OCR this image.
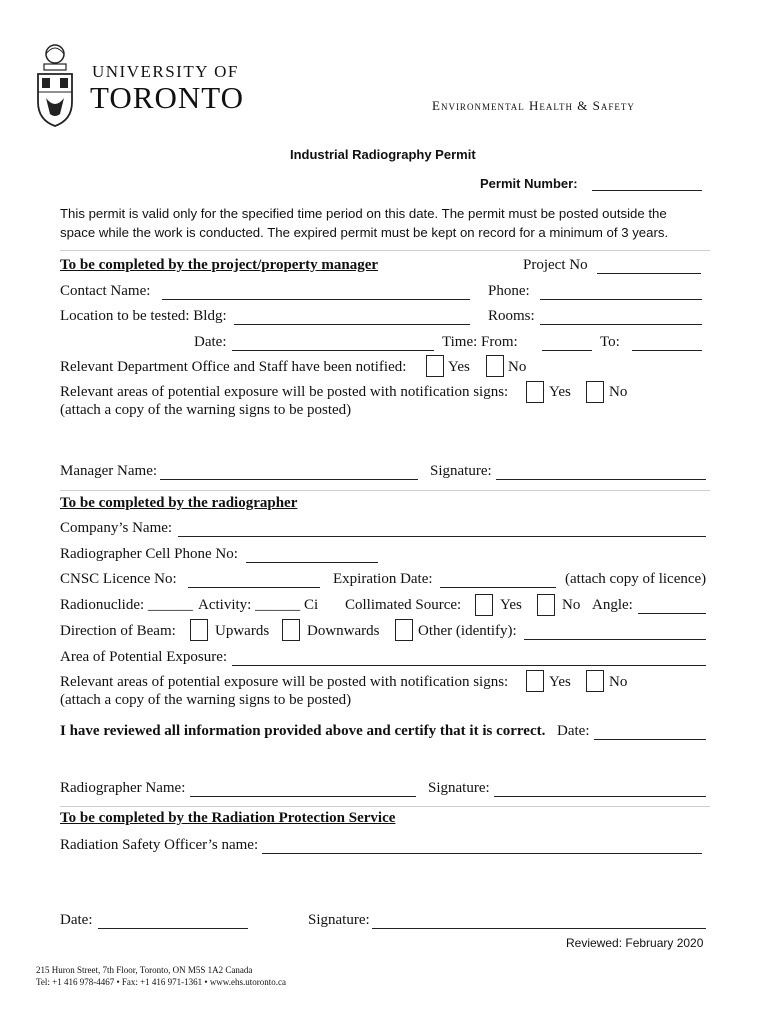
UNIVERSITY OF
TORONTO	Environmental Health & Safety
Industrial Radiography Permit
Permit Number:
This permit is valid only for the specified time period on this date. The permit must be posted outside the
space while the work is conducted. The expired permit must be kept on record for a minimum of 3 years.
To be completed by the project/property manager	Project No
Contact Name:	Phone:
Location to be tested: Bldg:	Rooms:
Date:	Time: From:	To:
Relevant Department Office and Staff have been notified:	Yes	No
Relevant areas of potential exposure will be posted with notification signs:	Yes	No
(attach a copy of the warning signs to be posted)
Manager Name:	Signature:
To be completed by the radiographer
Company’s Name:
Radiographer Cell Phone No:
CNSC Licence No:	Expiration Date:	(attach copy of licence)
Radionuclide: ______ Activity: ______ Ci Collimated Source:	Yes	No Angle:
Direction of Beam:	Upwards	Downwards	Other (identify):
Area of Potential Exposure:
Relevant areas of potential exposure will be posted with notification signs:	Yes	No
(attach a copy of the warning signs to be posted)
I have reviewed all information provided above and certify that it is correct. Date:
Radiographer Name:	Signature:
To be completed by the Radiation Protection Service
Radiation Safety Officer’s name:
Date:	Signature:
Reviewed: February 2020
215 Huron Street, 7th Floor, Toronto, ON M5S 1A2 Canada
Tel: +1 416 978-4467 • Fax: +1 416 971-1361 • www.ehs.utoronto.ca
